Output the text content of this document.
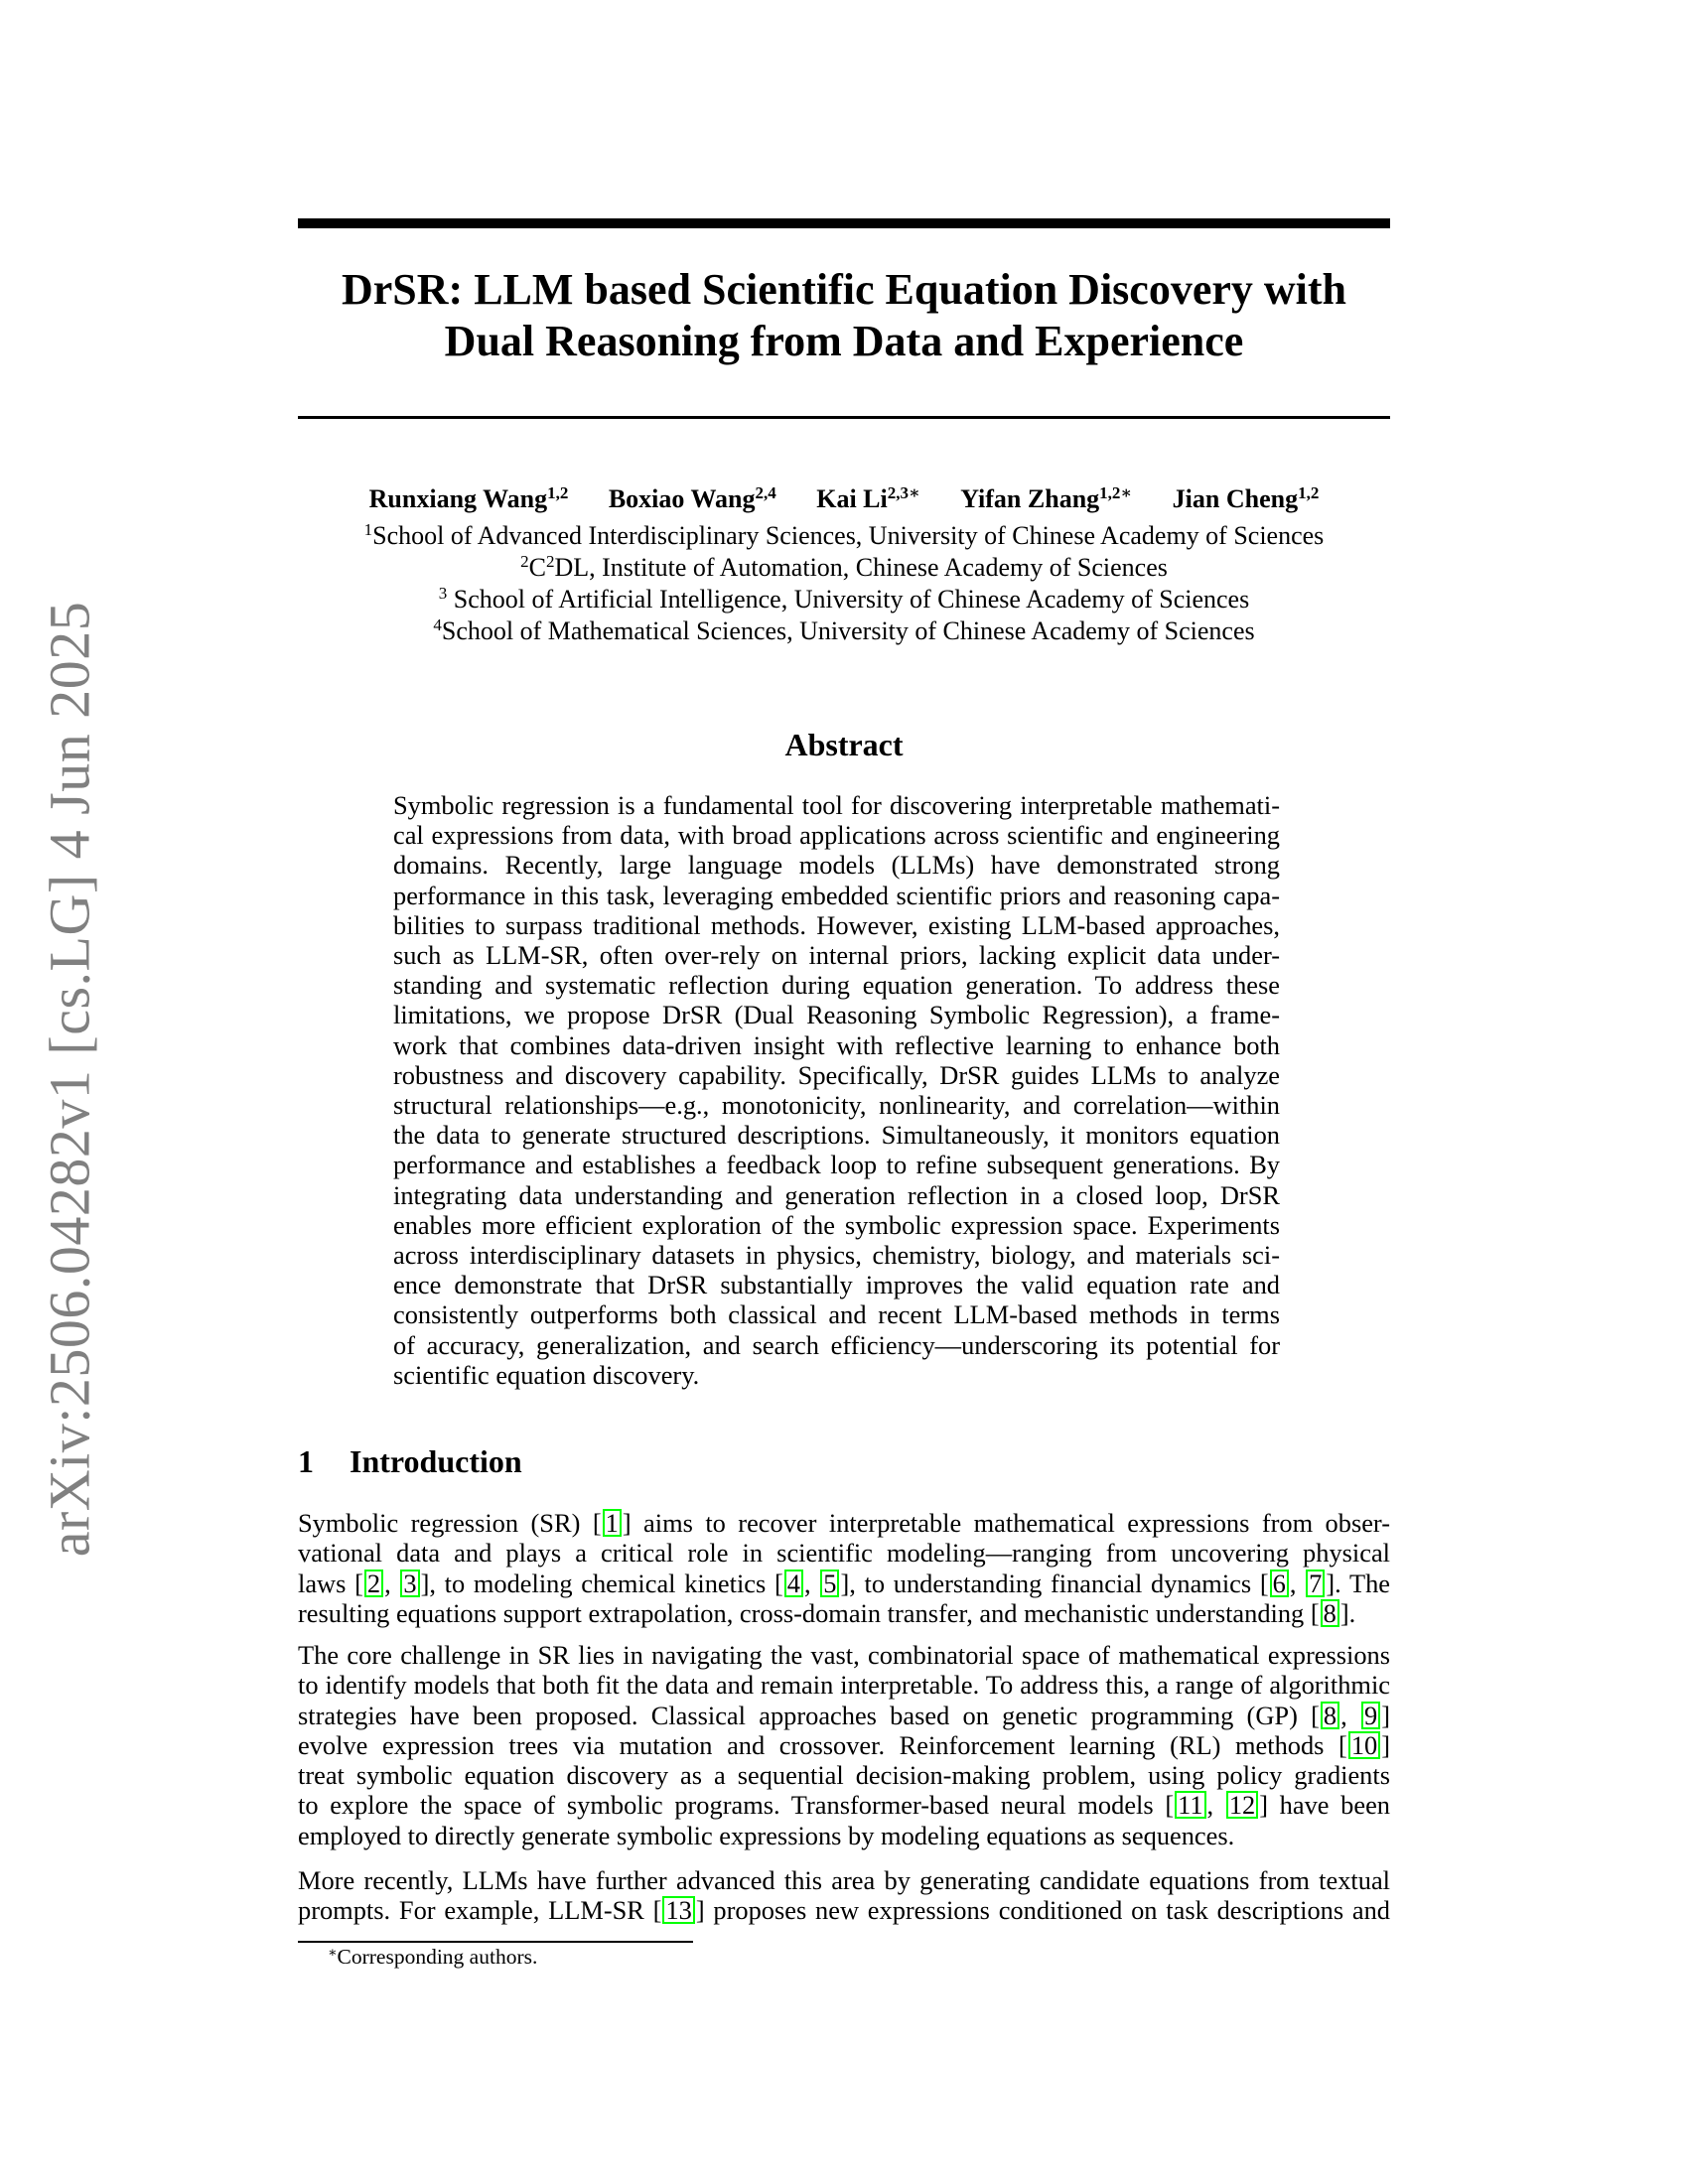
arXiv:2506.04282v1 [cs.LG] 4 Jun 2025
DrSR: LLM based Scientific Equation Discovery with
Dual Reasoning from Data and Experience
Runxiang Wang$^{1,2}$ Boxiao Wang$^{2,4}$ Kai $Li^{2,3∗}$ Yifan Zhang$^{1,2∗}$ Jian Cheng$^{1,2}$
$^1$School of Advanced Interdisciplinary Sciences, University of Chinese Academy of Sciences
$^2C^2DL$, Institute of Automation, Chinese Academy of Sciences
$^3$ School of Artificial Intelligence, University of Chinese Academy of Sciences
$^4$School of Mathematical Sciences, University of Chinese Academy of Sciences
Abstract
Symbolic regression is a fundamental tool for discovering interpretable mathemati-
cal expressions from data, with broad applications across scientific and engineering
domains. Recently, large language models (LLMs) have demonstrated strong
performance in this task, leveraging embedded scientific priors and reasoning capa-
bilities to surpass traditional methods. However, existing LLM-based approaches,
such as LLM-SR, often over-rely on internal priors, lacking explicit data under-
standing and systematic reflection during equation generation. To address these
limitations, we propose DrSR (Dual Reasoning Symbolic Regression), a frame-
work that combines data-driven insight with reflective learning to enhance both
robustness and discovery capability. Specifically, DrSR guides LLMs to analyze
structural relationships—e.g., monotonicity, nonlinearity, and correlation—within
the data to generate structured descriptions. Simultaneously, it monitors equation
performance and establishes a feedback loop to refine subsequent generations. By
integrating data understanding and generation reflection in a closed loop, DrSR
enables more efficient exploration of the symbolic expression space. Experiments
across interdisciplinary datasets in physics, chemistry, biology, and materials sci-
ence demonstrate that DrSR substantially improves the valid equation rate and
consistently outperforms both classical and recent LLM-based methods in terms
of accuracy, generalization, and search efficiency—underscoring its potential for
scientific equation discovery.
1 Introduction
Symbolic regression (SR) [ 1 ] aims to recover interpretable mathematical expressions from obser-
vational data and plays a critical role in scientific modeling—ranging from uncovering physical
laws [ 2 , 3 ], to modeling chemical kinetics [ 4 , 5 ], to understanding financial dynamics [ 6 , 7 ]. The
resulting equations support extrapolation, cross-domain transfer, and mechanistic understanding [ 8 ].
The core challenge in SR lies in navigating the vast, combinatorial space of mathematical expressions
to identify models that both fit the data and remain interpretable. To address this, a range of algorithmic
strategies have been proposed. Classical approaches based on genetic programming (GP) [ 8 , 9 ]
evolve expression trees via mutation and crossover. Reinforcement learning (RL) methods [ 10 ]
treat symbolic equation discovery as a sequential decision-making problem, using policy gradients
to explore the space of symbolic programs. Transformer-based neural models [ 11 , 12 ] have been
employed to directly generate symbolic expressions by modeling equations as sequences.
More recently, LLMs have further advanced this area by generating candidate equations from textual
prompts. For example, LLM-SR [ 13 ] proposes new expressions conditioned on task descriptions and
∗Corresponding authors.
